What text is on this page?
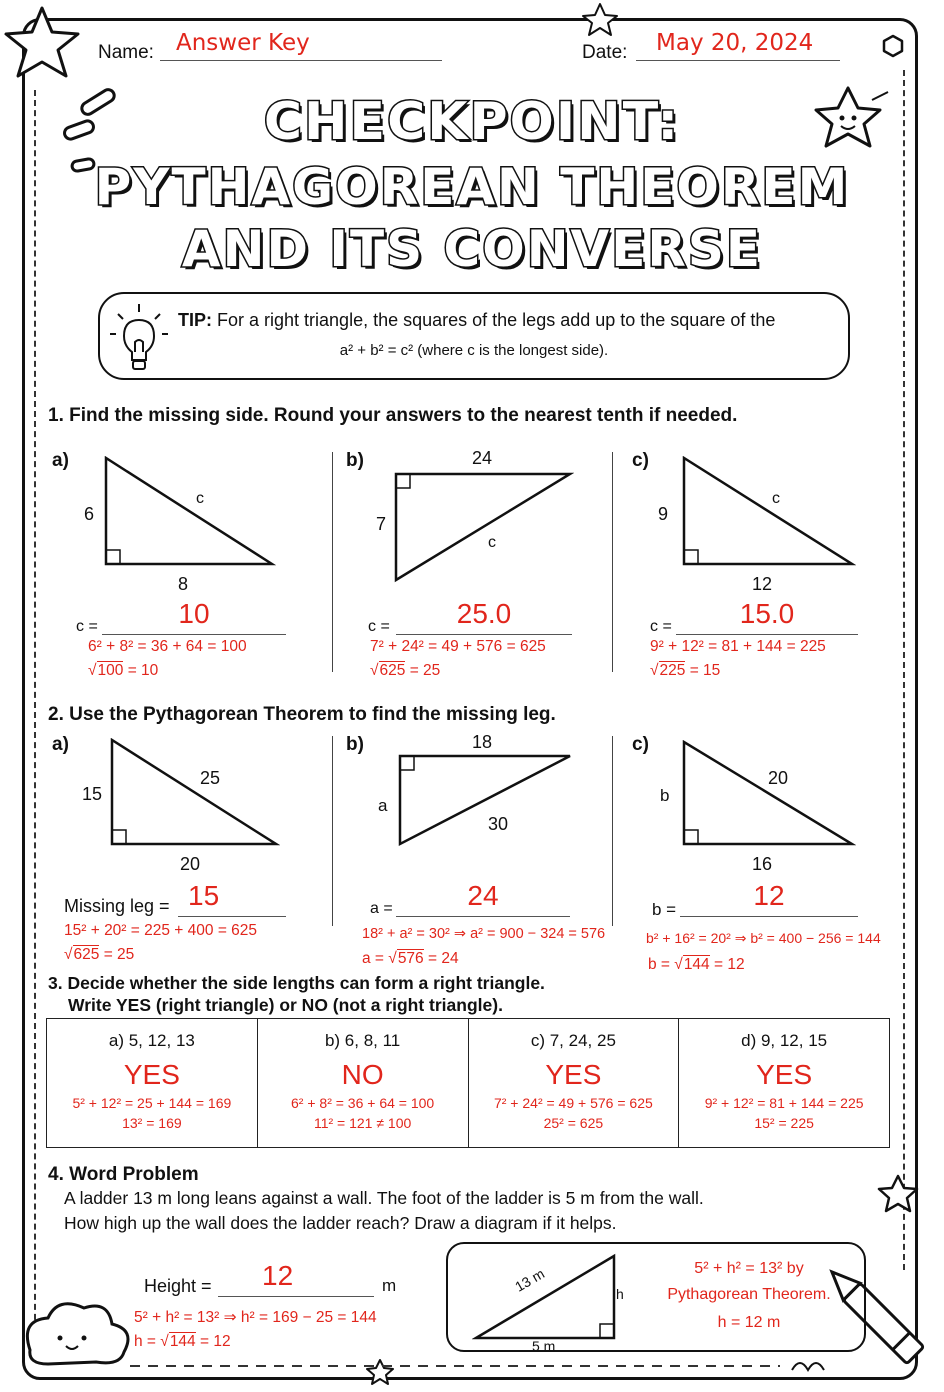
Name: Answer Key	Date: May 20, 2024
CHECKPOINT:
PYTHAGOREAN THEOREM
AND ITS CONVERSE
TIP: For a right triangle, the squares of the legs add up to the square of the
a² + b² = c² (where c is the longest side).
1. Find the missing side. Round your answers to the nearest tenth if needed.
a)
6
8
c
c =	10
6² + 8² = 36 + 64 = 100
√100 = 10
b)	24
7
c
c =	25.0
7² + 24² = 49 + 576 = 625
√625 = 25
c)
9
12
c
c =	15.0
9² + 12² = 81 + 144 = 225
√225 = 15
2. Use the Pythagorean Theorem to find the missing leg.
a)
15
20
25
Missing leg = 15
15² + 20² = 225 + 400 = 625
√625 = 25
b)	18
a
30
a =	24
18² + a² = 30² ⇒ a² = 900 − 324 = 576
a = √576 = 24
c)
b
16
20
b =	12
b² + 16² = 20² ⇒ b² = 400 − 256 = 144
b = √144 = 12
3. Decide whether the side lengths can form a right triangle.
Write YES (right triangle) or NO (not a right triangle).
a) 5, 12, 13
YES
5² + 12² = 25 + 144 = 169
13² = 169
b) 6, 8, 11
NO
6² + 8² = 36 + 64 = 100
11² = 121 ≠ 100
c) 7, 24, 25
YES
7² + 24² = 49 + 576 = 625
25² = 625
d) 9, 12, 15
YES
9² + 12² = 81 + 144 = 225
15² = 225
4. Word Problem
A ladder 13 m long leans against a wall. The foot of the ladder is 5 m from the wall.
How high up the wall does the ladder reach? Draw a diagram if it helps.
Height = 12	m
5² + h² = 13² ⇒ h² = 169 − 25 = 144
h = √144 = 12
13 m
5 m
h
5² + h² = 13² by
Pythagorean Theorem.
h = 12 m
